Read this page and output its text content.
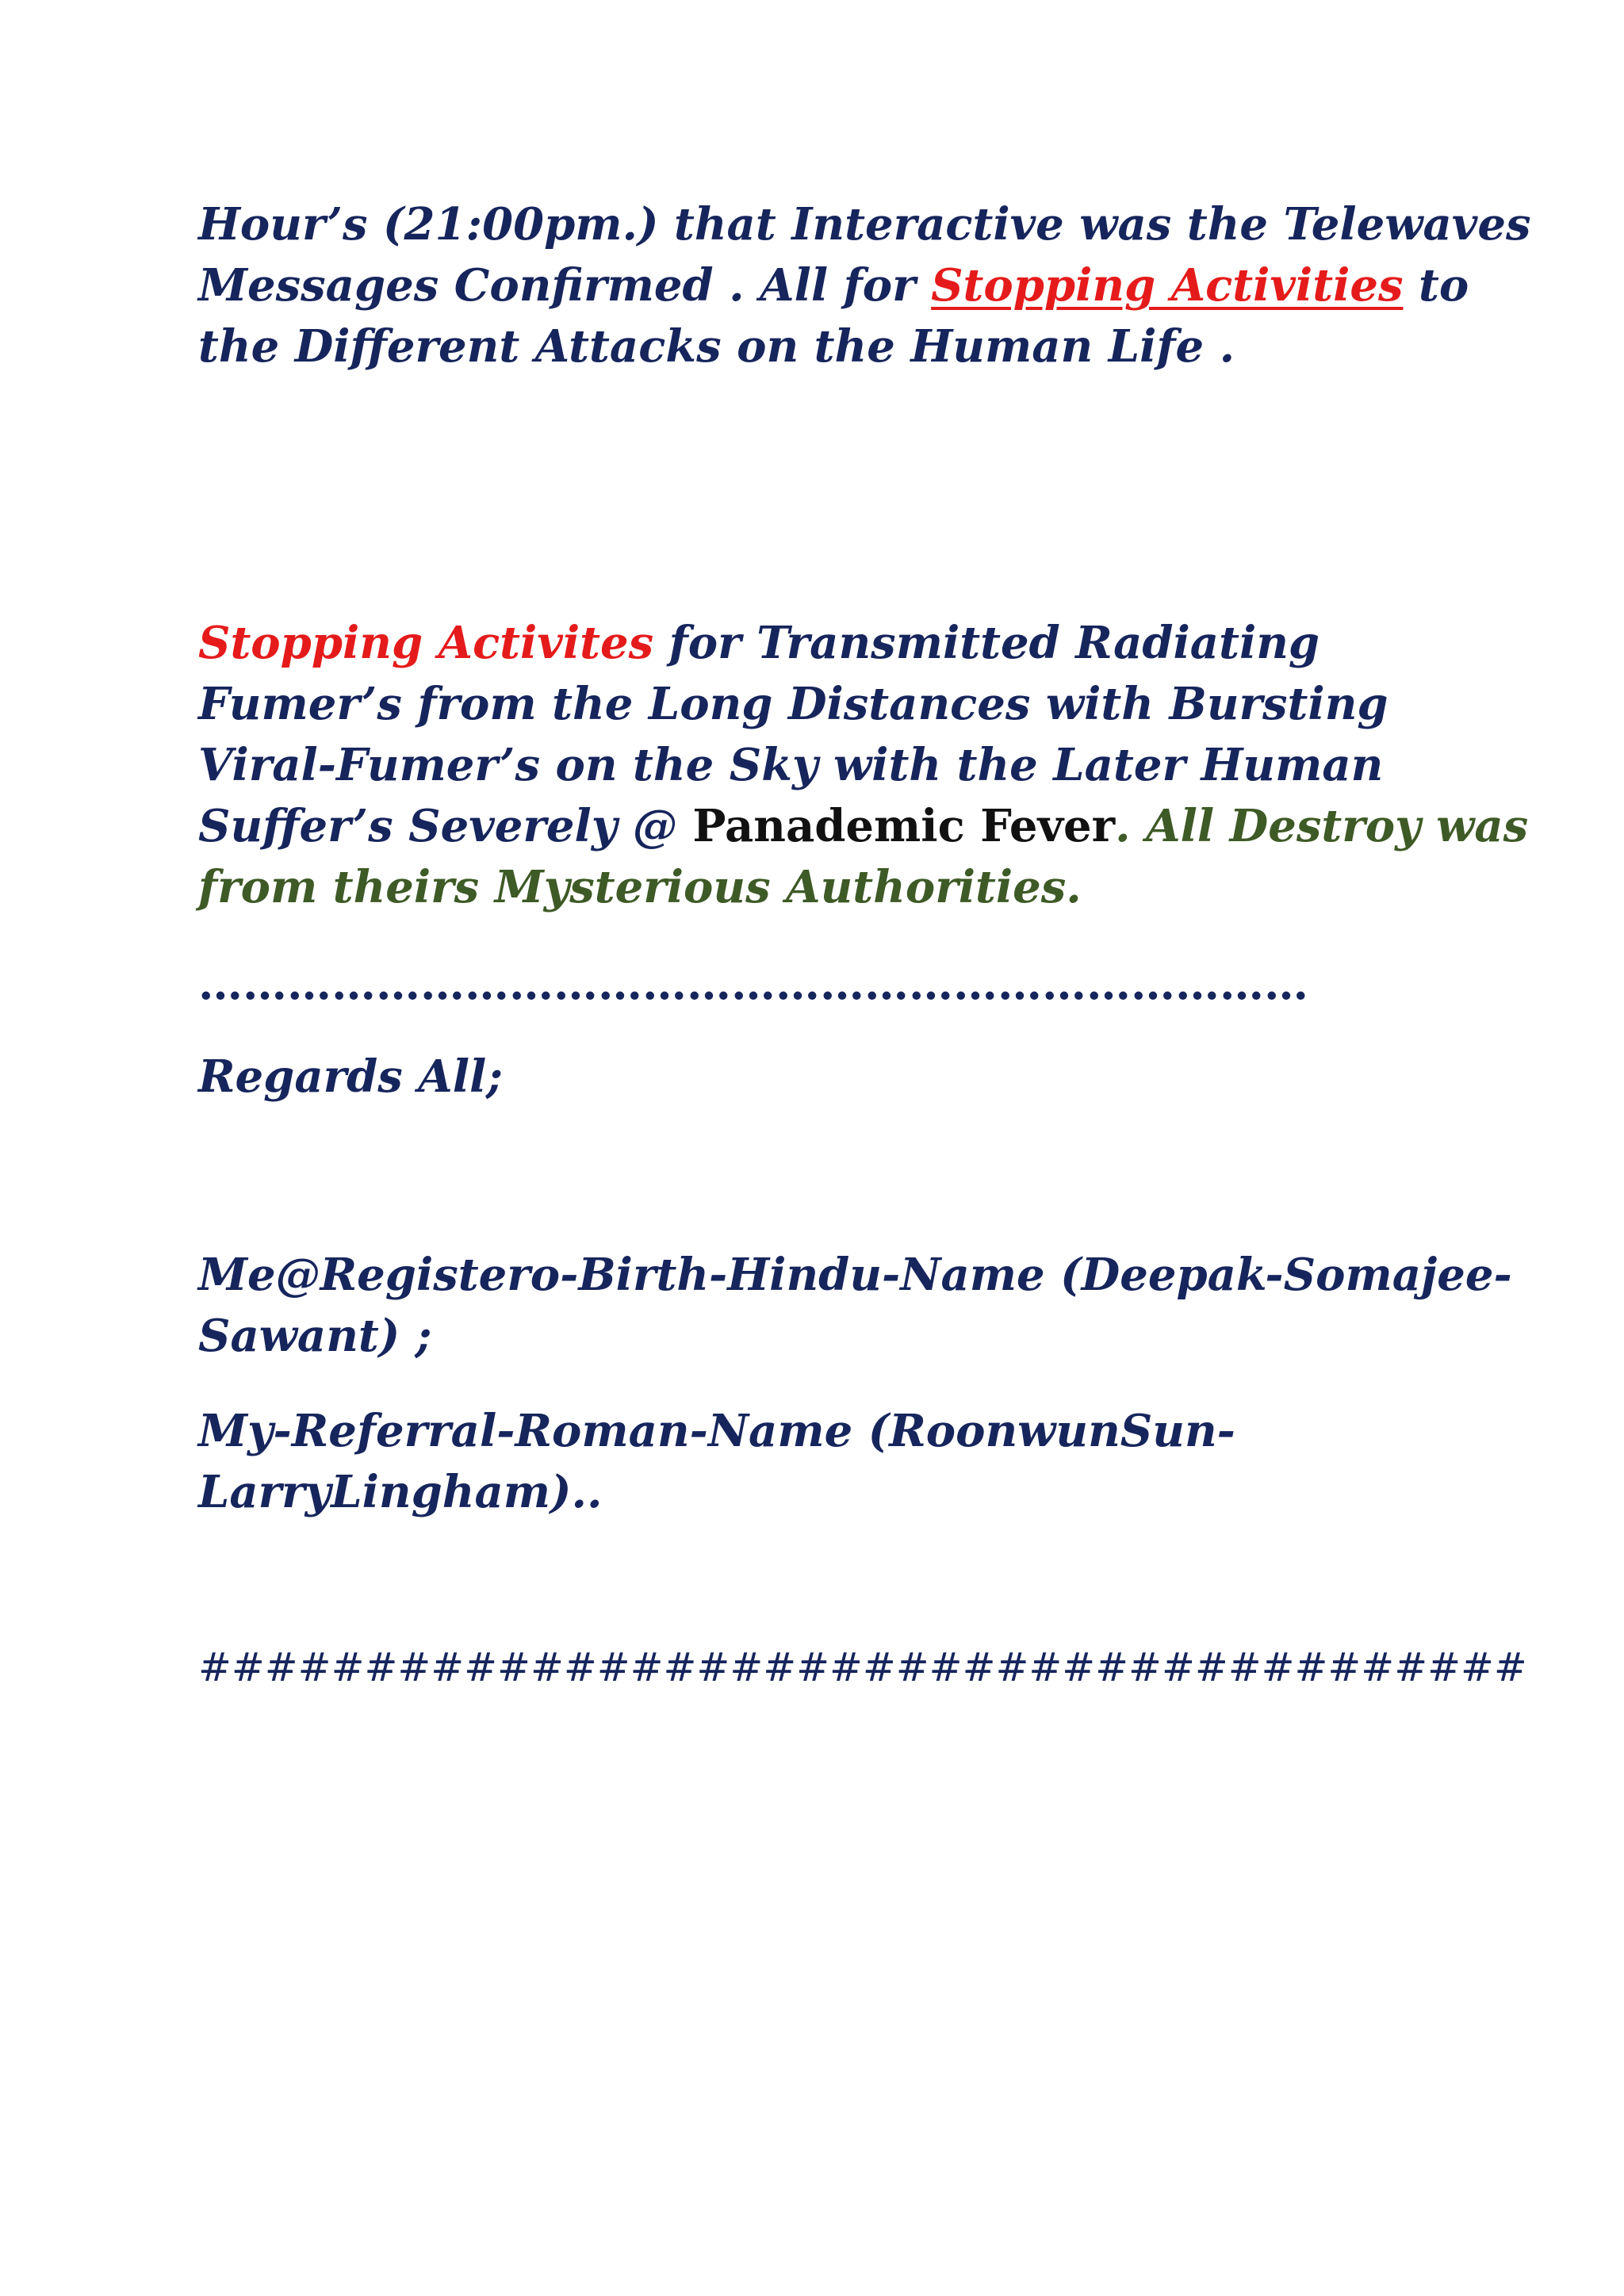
Hour’s (21:00pm.) that Interactive was the Telewaves
Messages Confirmed . All for Stopping Activities to
the Different Attacks on the Human Life .
Stopping Activites for Transmitted Radiating
Fumer’s from the Long Distances with Bursting
Viral-Fumer’s on the Sky with the Later Human
Suffer’s Severely @ Panademic Fever. All Destroy was
from theirs Mysterious Authorities.
…………………………………………………………………
Regards All;
Me@Registero-Birth-Hindu-Name (Deepak-Somajee-
Sawant) ;
My-Referral-Roman-Name (RoonwunSun-
LarryLingham)..
########################################
